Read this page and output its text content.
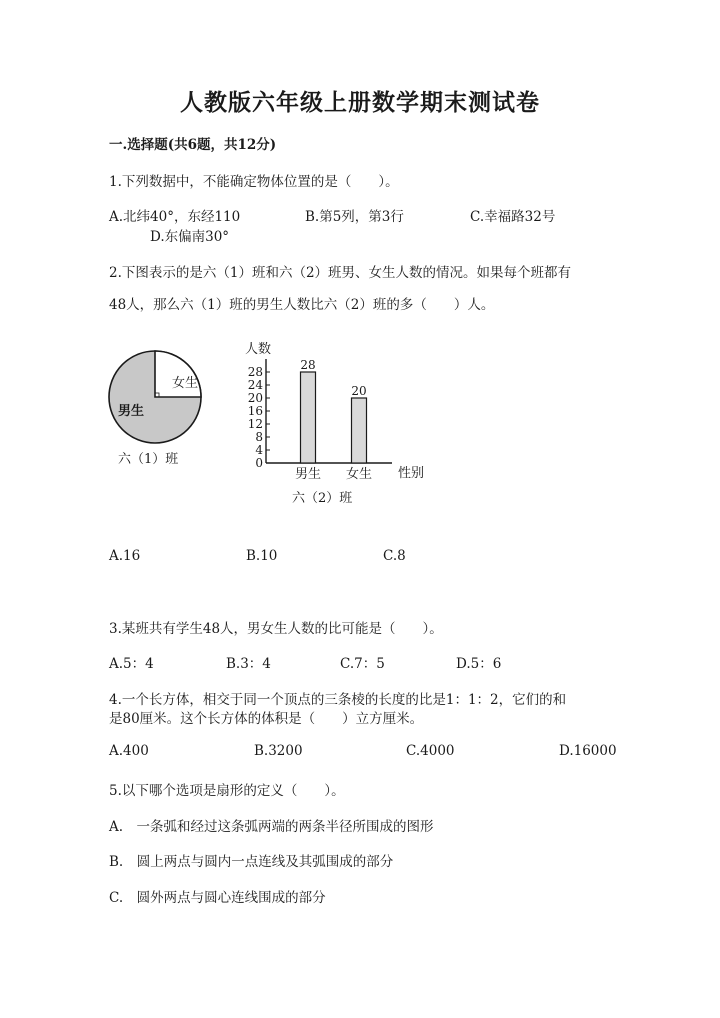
人教版六年级上册数学期末测试卷
一.选择题(共6题，共12分)
1.下列数据中，不能确定物体位置的是（　　）。
A.北纬40°，东经110	B.第5列，第3行	C.幸福路32号
D.东偏南30°
2.下图表示的是六（1）班和六（2）班男、女生人数的情况。如果每个班都有
48人，那么六（1）班的男生人数比六（2）班的多（　　）人。
女生
男生
六（1）班
人数
性别
六（2）班
0
4
8
12
16
20
24
28	28
男生
20
女生
A.16	B.10	C.8
3.某班共有学生48人，男女生人数的比可能是（　　）。
A.5：4	B.3：4	C.7：5	D.5：6
4.一个长方体，相交于同一个顶点的三条棱的长度的比是1：1：2，它们的和
是80厘米。这个长方体的体积是（　　）立方厘米。
A.400	B.3200	C.4000	D.16000
5.以下哪个选项是扇形的定义（　　）。
A.　一条弧和经过这条弧两端的两条半径所围成的图形
B.　圆上两点与圆内一点连线及其弧围成的部分
C.　圆外两点与圆心连线围成的部分
